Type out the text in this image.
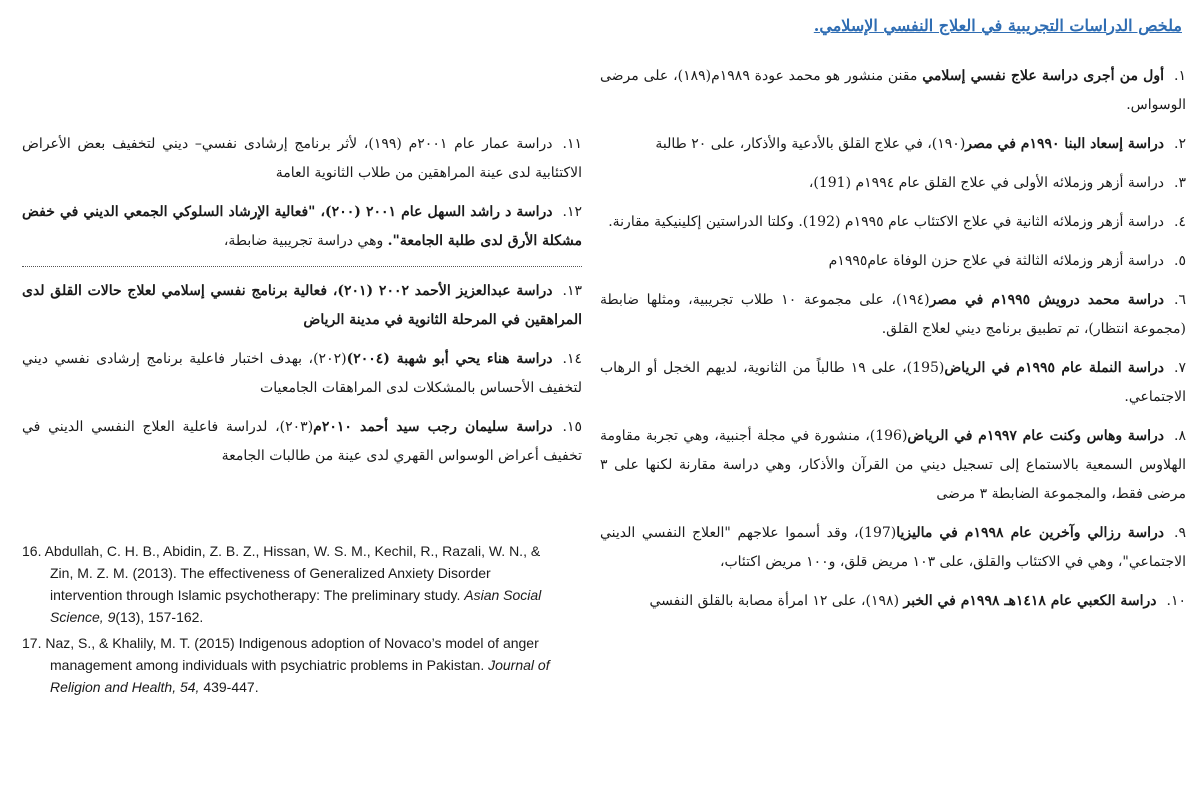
ملخص الدراسات التجريبية في العلاج النفسي الإسلامي.

١.أول من أجرى دراسة علاج نفسي إسلامي مقنن منشور هو محمد عودة ١٩٨٩م(١٨٩)، على مرضى الوسواس.

٢.دراسة إسعاد البنا ١٩٩٠م في مصر(١٩٠)، في علاج القلق بالأدعية والأذكار، على ٢٠ طالبة

٣.دراسة أزهر وزملائه الأولى في علاج القلق عام ١٩٩٤م (191)،

٤.دراسة أزهر وزملائه الثانية في علاج الاكتئاب عام ١٩٩٥م (192). وكلتا الدراستين إكلينيكية مقارنة.

٥.دراسة أزهر وزملائه الثالثة في علاج حزن الوفاة عام١٩٩٥م

٦.دراسة محمد درويش ١٩٩٥م في مصر(١٩٤)، على مجموعة ١٠ طلاب تجريبية، ومثلها ضابطة (مجموعة انتظار)، تم تطبيق برنامج ديني لعلاج القلق.

٧.دراسة النملة عام ١٩٩٥م في الرياض(195)، على ١٩ طالباً من الثانوية، لديهم الخجل أو الرهاب الاجتماعي.

٨.دراسة وهاس وكنت عام ١٩٩٧م في الرياض(196)، منشورة في مجلة أجنبية، وهي تجربة مقاومة الهلاوس السمعية بالاستماع إلى تسجيل ديني من القرآن والأذكار، وهي دراسة مقارنة لكنها على ٣ مرضى فقط، والمجموعة الضابطة ٣ مرضى

٩.دراسة رزالي وآخرين عام ١٩٩٨م في ماليزيا(197)، وقد أسموا علاجهم "العلاج النفسي الديني الاجتماعي"، وهي في الاكتئاب والقلق، على ١٠٣ مريض قلق، و١٠٠ مريض اكتئاب،

١٠.دراسة الكعبي عام ١٤١٨هـ ١٩٩٨م في الخبر (١٩٨)، على ١٢ امرأة مصابة بالقلق النفسي

١١.دراسة عمار عام ٢٠٠١م (١٩٩)، لأثر برنامج إرشادى نفسي– ديني لتخفيف بعض الأعراض الاكتئابية لدى عينة المراهقين من طلاب الثانوية العامة

١٢.دراسة د راشد السهل عام ٢٠٠١ (٢٠٠)، "فعالية الإرشاد السلوكي الجمعي الديني في خفض مشكلة الأرق لدى طلبة الجامعة". وهي دراسة تجريبية ضابطة،

١٣.دراسة عبدالعزيز الأحمد ٢٠٠٢ (٢٠١)، فعالية برنامج نفسي إسلامي لعلاج حالات القلق لدى المراهقين في المرحلة الثانوية في مدينة الرياض

١٤.دراسة هناء يحي أبو شهبة (٢٠٠٤)(٢٠٢)، بهدف اختبار فاعلية برنامج إرشادى نفسي ديني لتخفيف الأحساس بالمشكلات لدى المراهقات الجامعيات

١٥.دراسة سليمان رجب سيد أحمد ٢٠١٠م(٢٠٣)، لدراسة فاعلية العلاج النفسي الديني في تخفيف أعراض الوسواس القهري لدى عينة من طالبات الجامعة

16. Abdullah, C. H. B., Abidin, Z. B. Z., Hissan, W. S. M., Kechil, R., Razali, W. N., & Zin, M. Z. M. (2013). The effectiveness of Generalized Anxiety Disorder intervention through Islamic psychotherapy: The preliminary study. Asian Social Science, 9(13), 157-162.

17. Naz, S., & Khalily, M. T. (2015) Indigenous adoption of Novaco’s model of anger management among individuals with psychiatric problems in Pakistan. Journal of Religion and Health, 54, 439-447.
